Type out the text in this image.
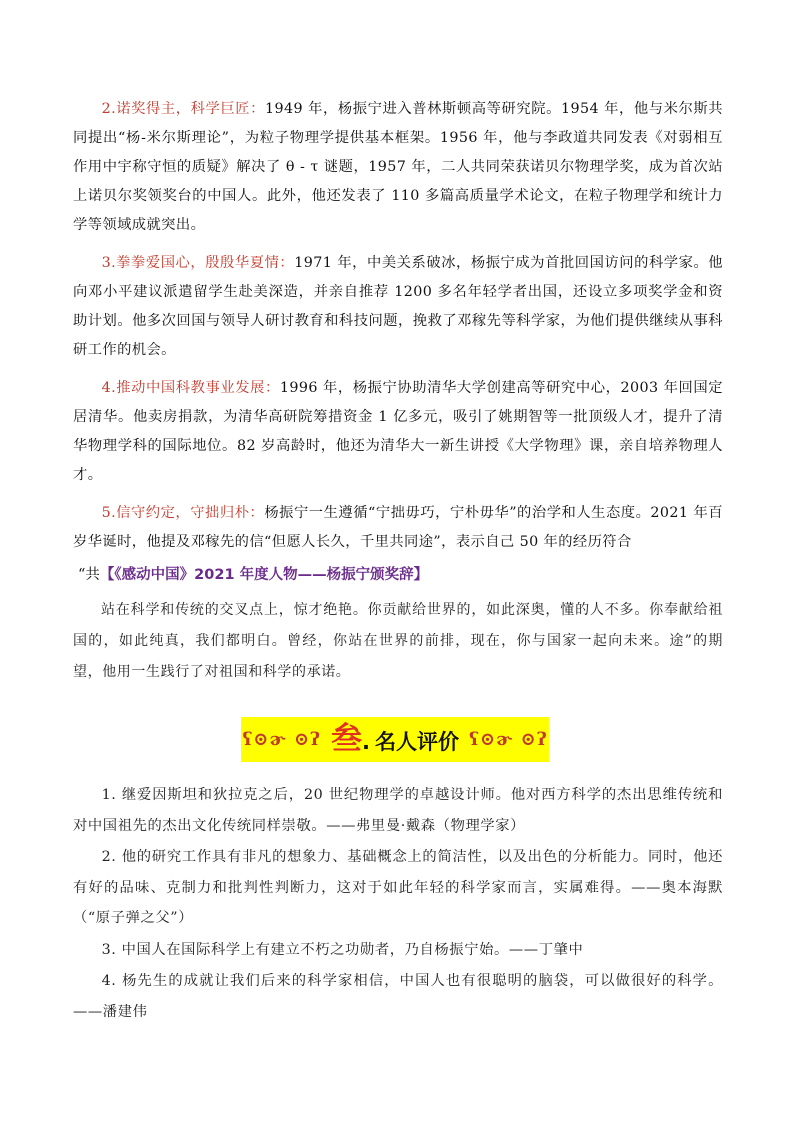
2.诺奖得主，科学巨匠：1949 年，杨振宁进入普林斯顿高等研究院。1954 年，他与米尔斯共同提出“杨-米尔斯理论”，为粒子物理学提供基本框架。1956 年，他与李政道共同发表《对弱相互作用中宇称守恒的质疑》解决了 θ - τ 谜题，1957 年，二人共同荣获诺贝尔物理学奖，成为首次站上诺贝尔奖领奖台的中国人。此外，他还发表了 110 多篇高质量学术论文，在粒子物理学和统计力学等领域成就突出。
3.拳拳爱国心，殷殷华夏情：1971 年，中美关系破冰，杨振宁成为首批回国访问的科学家。他向邓小平建议派遣留学生赴美深造，并亲自推荐 1200 多名年轻学者出国，还设立多项奖学金和资助计划。他多次回国与领导人研讨教育和科技问题，挽救了邓稼先等科学家，为他们提供继续从事科研工作的机会。
4.推动中国科教事业发展：1996 年，杨振宁协助清华大学创建高等研究中心，2003 年回国定居清华。他卖房捐款，为清华高研院筹措资金 1 亿多元，吸引了姚期智等一批顶级人才，提升了清华物理学科的国际地位。82 岁高龄时，他还为清华大一新生讲授《大学物理》课，亲自培养物理人才。
5.信守约定，守拙归朴：杨振宁一生遵循“宁拙毋巧，宁朴毋华”的治学和人生态度。2021 年百岁华诞时，他提及邓稼先的信“但愿人长久，千里共同途”，表示自己 50 年的经历符合
“共【《感动中国》2021 年度人物——杨振宁颁奖辞】
站在科学和传统的交叉点上，惊才绝艳。你贡献给世界的，如此深奥，懂的人不多。你奉献给祖国的，如此纯真，我们都明白。曾经，你站在世界的前排，现在，你与国家一起向未来。途”的期望，他用一生践行了对祖国和科学的承诺。
ʕ⊙ɚ ⊙ʔ 叁. 名人评价 ʕ⊙ɚ ⊙ʔ
1. 继爱因斯坦和狄拉克之后，20 世纪物理学的卓越设计师。他对西方科学的杰出思维传统和对中国祖先的杰出文化传统同样崇敬。——弗里曼·戴森（物理学家）
2. 他的研究工作具有非凡的想象力、基础概念上的简洁性，以及出色的分析能力。同时，他还有好的品味、克制力和批判性判断力，这对于如此年轻的科学家而言，实属难得。——奥本海默（“原子弹之父”）
3. 中国人在国际科学上有建立不朽之功勋者，乃自杨振宁始。——丁肇中
4. 杨先生的成就让我们后来的科学家相信，中国人也有很聪明的脑袋，可以做很好的科学。——潘建伟
